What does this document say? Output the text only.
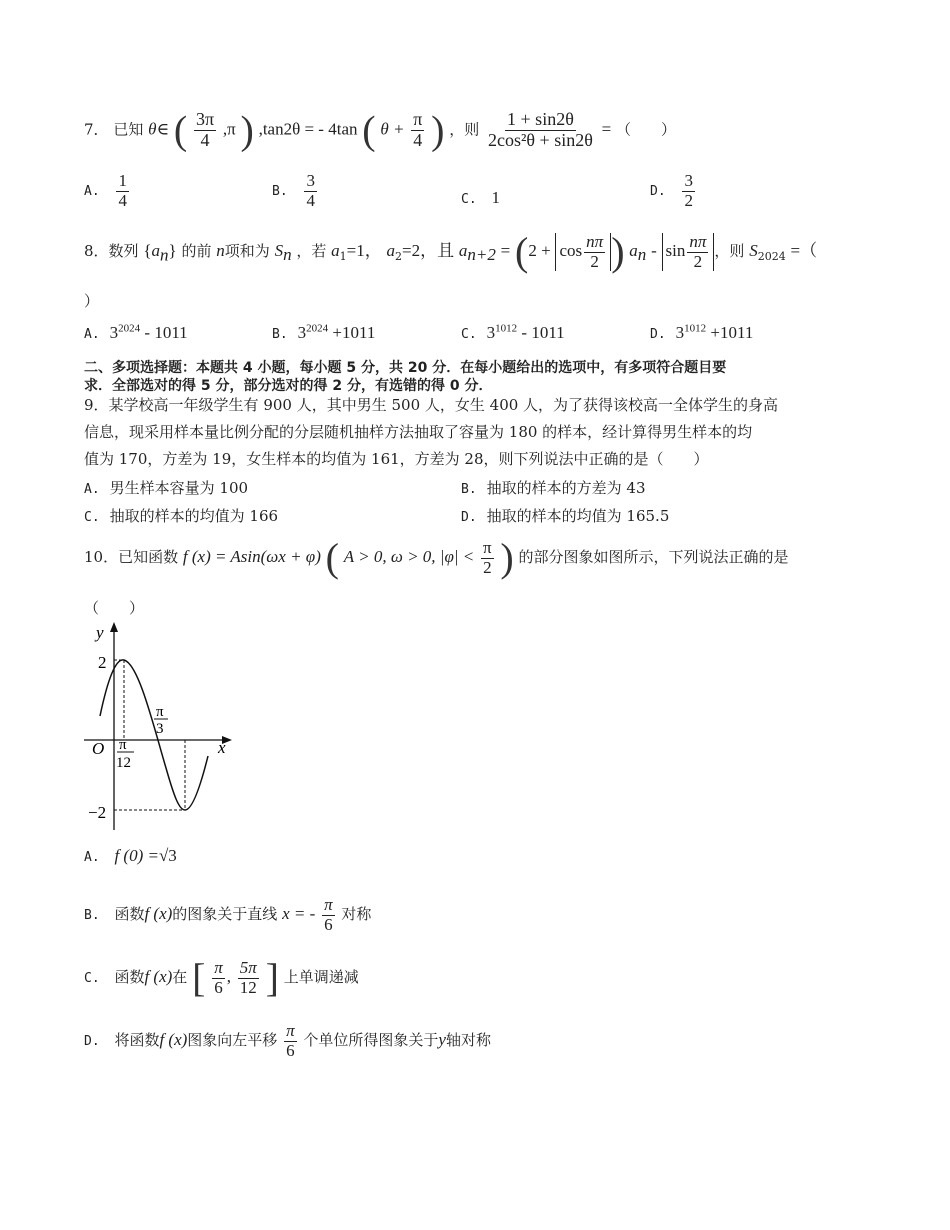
7． 已知 θ∈ ( $\frac{3\pi}{4} ,\pi$ ) ,tan2θ = - 4tan ( $\theta + \frac{\pi}{4}$ ) ，则 $\frac{1 + \sin 2\theta}{\text{2cos²θ + sin2θ}}$ = （　　）
A. $\frac{1}{4}$	B. $\frac{3}{4}$	C. 1	D. $\frac{3}{2}$
8．数列 $\{a_n\}$ 的前 n项和为 $S_n$ ，若 $a_1=1$， $a_2=2$，且 $a_{n+2} = (2 + \cos \frac{n\pi}{2}$ ) $a_n$ - $\sin \frac{n\pi}{2}$ ，则 $S_{2024}$ =（
）
A. $3^{2024} - 1011$	B. $3^{2024} +1011$	C. $3^{1012} - 1011$	D. $3^{1012} +1011$
二、多项选择题：本题共 4 小题，每小题 5 分，共 20 分．在每小题给出的选项中，有多项符合题目要
求．全部选对的得 5 分，部分选对的得 2 分，有选错的得 0 分．
9．某学校高一年级学生有 900 人，其中男生 500 人，女生 400 人，为了获得该校高一全体学生的身高
信息，现采用样本量比例分配的分层随机抽样方法抽取了容量为 180 的样本，经计算得男生样本的均
值为 170，方差为 19，女生样本的均值为 161，方差为 28，则下列说法中正确的是（　　）
A. 男生样本容量为 100	B. 抽取的样本的方差为 43
C. 抽取的样本的均值为 166	D. 抽取的样本的均值为 165.5
10．已知函数 f (x) = Asin(ωx + φ) ( A > 0, ω > 0, $|\varphi| < \frac{\pi}{2}$ ) 的部分图象如图所示，下列说法正确的是
（　　）
y
x
O
2
−2
π
12
π
3
A. f (0) =√3
B. 函数f (x)的图象关于直线 x = - $\frac{\pi}{6}$ 对称
C. 函数f (x)在 [ $\frac{\pi}{6}$ , $\frac{5\pi}{12}$ ] 上单调递减
D. 将函数f (x)图象向左平移 $\frac{\pi}{6}$ 个单位所得图象关于y轴对称
